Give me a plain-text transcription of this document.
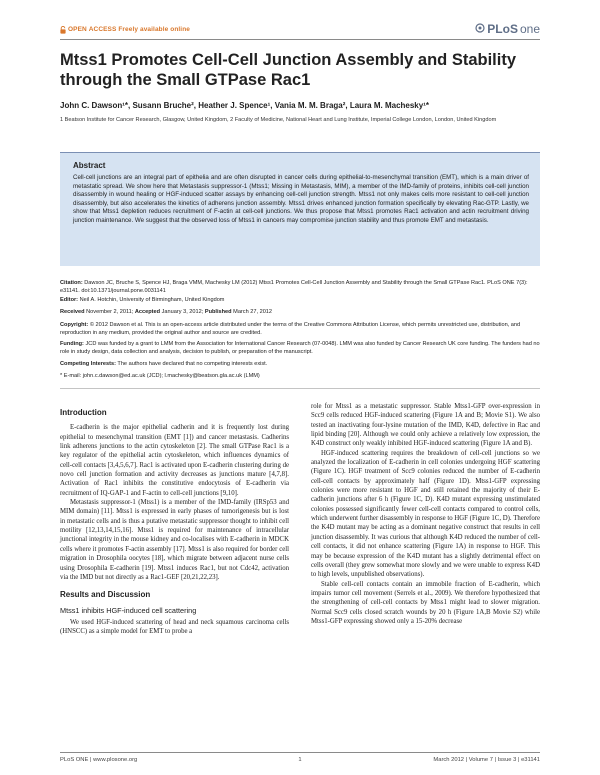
OPEN
ACCESS Freely available online	PLoS one
Mtss1 Promotes Cell-Cell Junction Assembly and Stability through the Small GTPase Rac1
John C. Dawson¹*, Susann Bruche², Heather J. Spence¹, Vania M. M. Braga², Laura M. Machesky¹*
1 Beatson Institute for Cancer Research, Glasgow, United Kingdom, 2 Faculty of Medicine, National Heart and Lung Institute, Imperial College London, London, United Kingdom
Abstract

Cell-cell junctions are an integral part of epithelia and are often disrupted in cancer cells during epithelial-to-mesenchymal transition (EMT), which is a main driver of metastatic spread. We show here that Metastasis suppressor-1 (Mtss1; Missing in Metastasis, MIM), a member of the IMD-family of proteins, inhibits cell-cell junction disassembly in wound healing or HGF-induced scatter assays by enhancing cell-cell junction strength. Mtss1 not only makes cells more resistant to cell-cell junction disassembly, but also accelerates the kinetics of adherens junction assembly. Mtss1 drives enhanced junction formation specifically by elevating Rac-GTP. Lastly, we show that Mtss1 depletion reduces recruitment of F-actin at cell-cell junctions. We thus propose that Mtss1 promotes Rac1 activation and actin recruitment driving junction maintenance. We suggest that the observed loss of Mtss1 in cancers may compromise junction stability and thus promote EMT and metastasis.

Citation: Dawson JC, Bruche S, Spence HJ, Braga VMM, Machesky LM (2012) Mtss1 Promotes Cell-Cell Junction Assembly and Stability through the Small GTPase Rac1. PLoS ONE 7(3): e31141. doi:10.1371/journal.pone.0031141
Editor: Neil A. Hotchin, University of Birmingham, United Kingdom
Received November 2, 2011; Accepted January 3, 2012; Published March 27, 2012
Copyright: © 2012 Dawson et al. This is an open-access article distributed under the terms of the Creative Commons Attribution License, which permits unrestricted use, distribution, and reproduction in any medium, provided the original author and source are credited.
Funding: JCD was funded by a grant to LMM from the Association for International Cancer Research (07-0048). LMM was also funded by Cancer Research UK core funding. The funders had no role in study design, data collection and analysis, decision to publish, or preparation of the manuscript.
Competing Interests: The authors have declared that no competing interests exist.
* E-mail: john.c.dawson@ed.ac.uk (JCD); l.machesky@beatson.gla.ac.uk (LMM)
Introduction

E-cadherin is the major epithelial cadherin and it is frequently lost during epithelial to mesenchymal transition (EMT [1]) and cancer metastasis. Cadherins link adherens junctions to the actin cytoskeleton [2]. The small GTPase Rac1 is a key regulator of the epithelial actin cytoskeleton, which influences dynamics of cell-cell contacts [3,4,5,6,7]. Rac1 is activated upon E-cadherin clustering during de novo cell junction formation and activity decreases as junctions mature [4,7,8]. Activation of Rac1 inhibits the constitutive endocytosis of E-cadherin via recruitment of IQ-GAP-1 and F-actin to cell-cell junctions [9,10].

Metastasis suppressor-1 (Mtss1) is a member of the IMD-family (IRSp53 and MIM domain) [11]. Mtss1 is expressed in early phases of tumorigenesis but is lost in metastatic cells and is thus a putative metastatic suppressor thought to inhibit cell motility [12,13,14,15,16]. Mtss1 is required for maintenance of intracellular junctional integrity in the mouse kidney and co-localises with E-cadherin in MDCK cells where it promotes F-actin assembly [17]. Mtss1 is also required for border cell migration in Drosophila oocytes [18], which migrate between adjacent nurse cells using Drosophila E-cadherin [19]. Mtss1 induces Rac1, but not Cdc42, activation via the IMD but not directly as a Rac1-GEF [20,21,22,23].

Results and Discussion
Mtss1 inhibits HGF-induced cell scattering

We used HGF-induced scattering of head and neck squamous carcinoma cells (HNSCC) as a simple model for EMT to probe a

role for Mtss1 as a metastatic suppressor. Stable Mtss1-GFP over-expression in Scc9 cells reduced HGF-induced scattering (Figure 1A and B; Movie S1). We also tested an inactivating four-lysine mutation of the IMD, K4D, defective in Rac and lipid binding [20]. Although we could only achieve a relatively low expression, the K4D construct only weakly inhibited HGF-induced scattering (Figure 1A and B).

HGF-induced scattering requires the breakdown of cell-cell junctions so we analyzed the localization of E-cadherin in cell colonies undergoing HGF scattering (Figure 1C). HGF treatment of Scc9 colonies reduced the number of E-cadherin cell-cell contacts by approximately half (Figure 1D). Mtss1-GFP expressing colonies were more resistant to HGF and still retained the majority of their E-cadherin junctions after 6 h (Figure 1C, D). K4D mutant expressing unstimulated colonies possessed significantly fewer cell-cell contacts compared to control cells, which underwent further disassembly in response to HGF (Figure 1C, D). Therefore the K4D mutant may be acting as a dominant negative construct that results in cell junction disassembly. It was curious that although K4D reduced the number of cell-cell contacts, it did not enhance scattering (Figure 1A) in response to HGF. This may be because expression of the K4D mutant has a slightly detrimental effect on cells overall (they grew somewhat more slowly and we were unable to express K4D to high levels, unpublished observations).

Stable cell-cell contacts contain an immobile fraction of E-cadherin, which impairs tumor cell movement (Serrels et al., 2009). We therefore hypothesized that the strengthening of cell-cell contacts by Mtss1 might lead to slower migration. Normal Scc9 cells closed scratch wounds by 20 h (Figure 1A,B Movie S2) while Mtss1-GFP expressing showed only a 15-20% decrease

PLoS ONE | www.plosone.org	1	March 2012 | Volume 7 | Issue 3 | e31141
